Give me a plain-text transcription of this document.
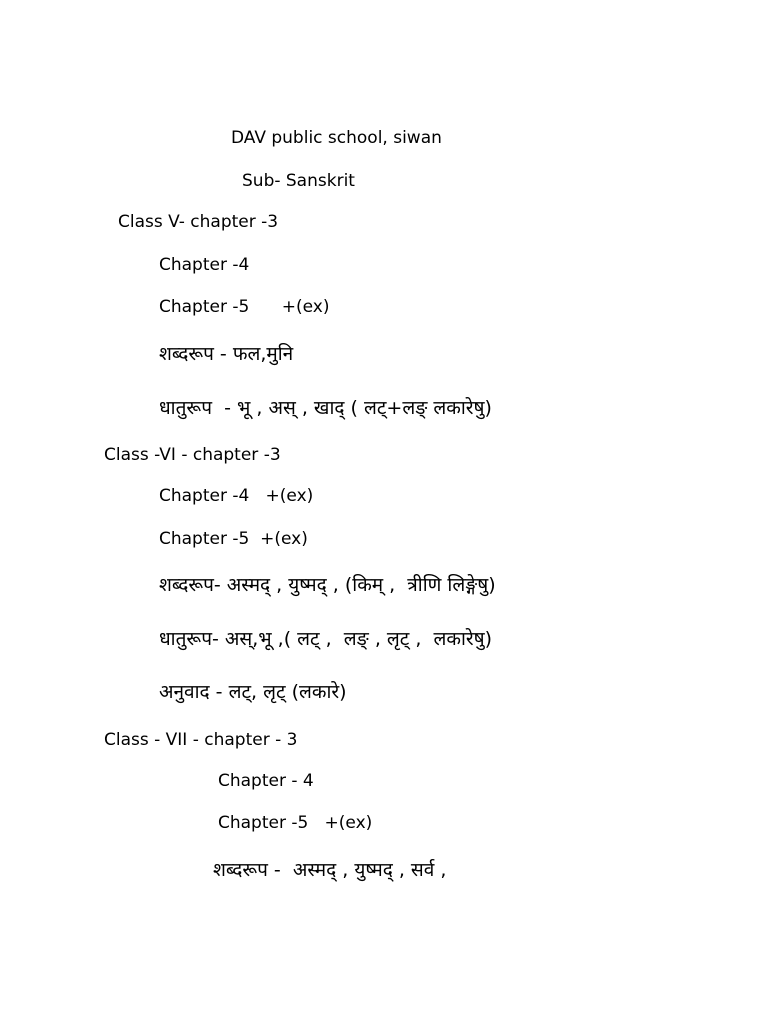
DAV public school, siwan
Sub- Sanskrit
Class V- chapter -3
Chapter -4
Chapter -5      +(ex)
शब्दरूप - फल,मुनि
धातुरूप  - भू , अस् , खाद् ( लट्+लङ् लकारेषु)
Class -VI - chapter -3
Chapter -4   +(ex)
Chapter -5  +(ex)
शब्दरूप- अस्मद् , युष्मद् , (किम् ,  त्रीणि लिङ्गेषु)
धातुरूप- अस्,भू ,( लट् ,  लङ् , लृट् ,  लकारेषु)
अनुवाद - लट्, लृट् (लकारे)
Class - VII - chapter - 3
Chapter - 4
Chapter -5   +(ex)
शब्दरूप -  अस्मद् , युष्मद् , सर्व ,
